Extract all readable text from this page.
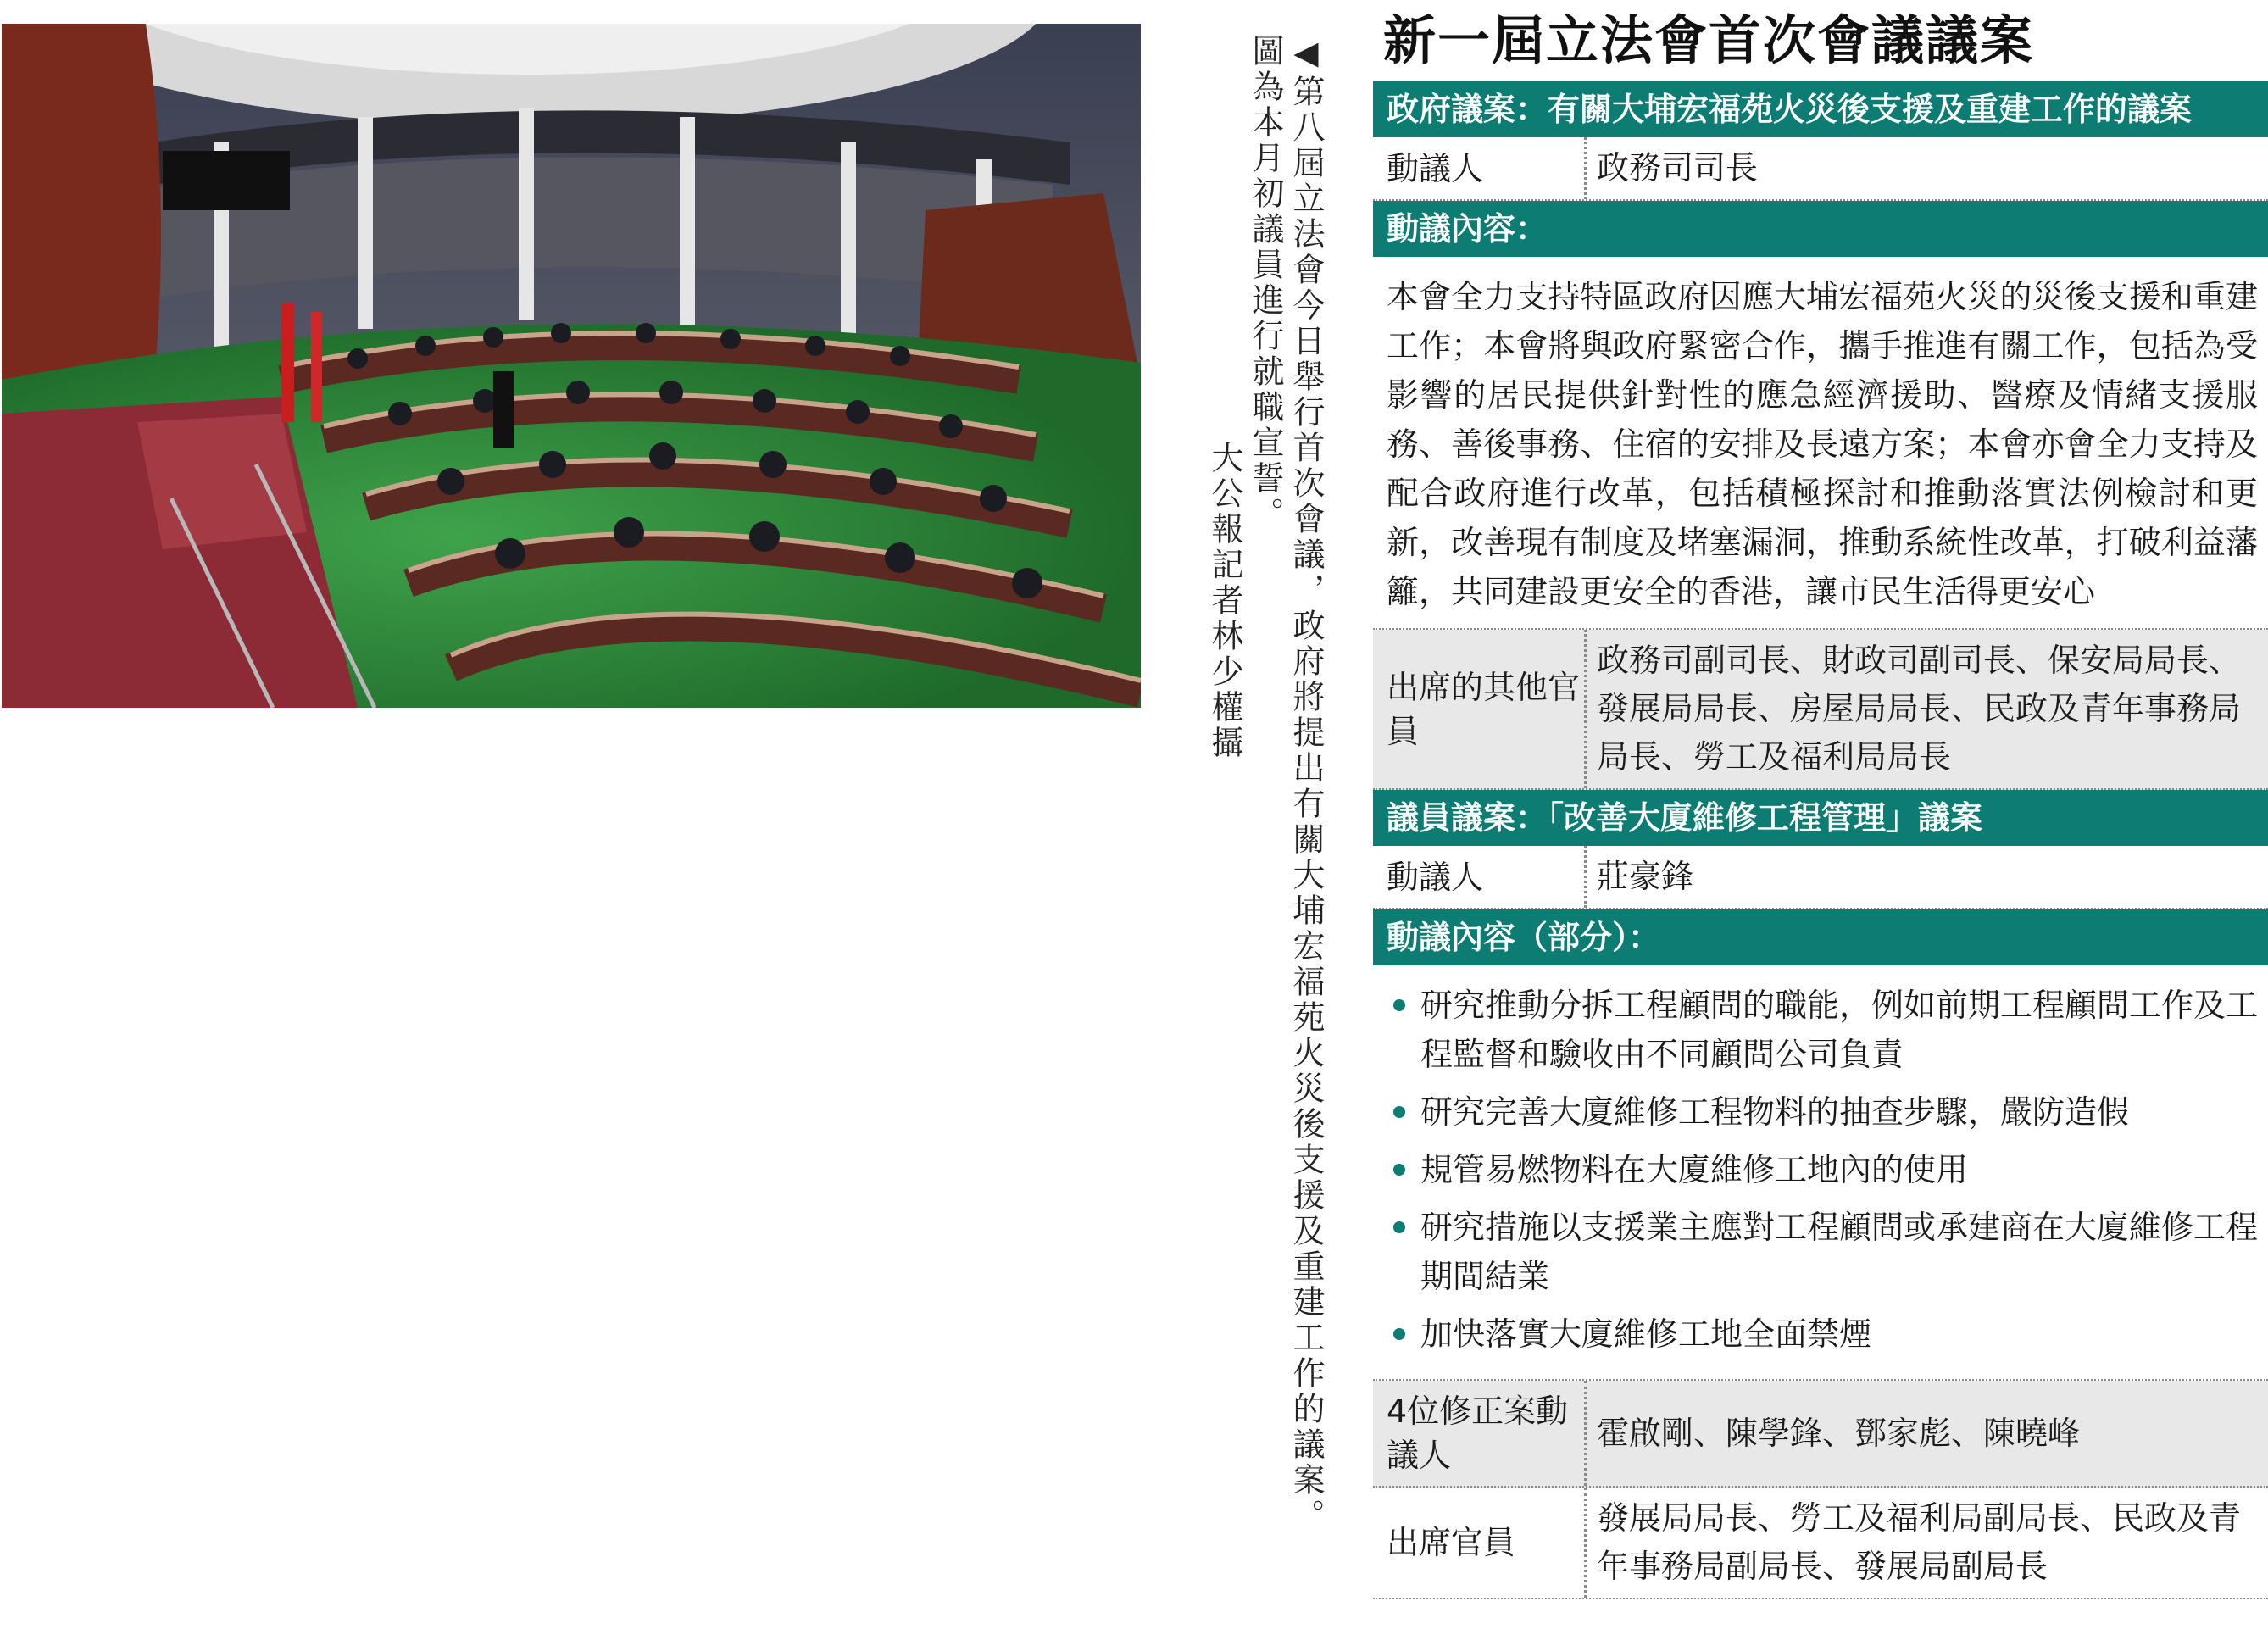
◀第八屆立法會今日舉行首次會議，政府將提出有關大埔宏福苑火災後支援及重建工作的議案。圖為本月初議員進行就職宣誓。
大公報記者林少權攝
新一屆立法會首次會議議案
政府議案：有關大埔宏福苑火災後支援及重建工作的議案
動議人	政務司司長
動議內容：
本會全力支持特區政府因應大埔宏福苑火災的災後支援和重建工作；本會將與政府緊密合作，攜手推進有關工作，包括為受影響的居民提供針對性的應急經濟援助、醫療及情緒支援服務、善後事務、住宿的安排及長遠方案；本會亦會全力支持及配合政府進行改革，包括積極探討和推動落實法例檢討和更新，改善現有制度及堵塞漏洞，推動系統性改革，打破利益藩籬，共同建設更安全的香港，讓市民生活得更安心
出席的其他官員
政務司副司長、財政司副司長、保安局局長、發展局局長、房屋局局長、民政及青年事務局局長、勞工及福利局局長
議員議案：「改善大廈維修工程管理」議案
動議人	莊豪鋒
動議內容（部分）：
研究推動分拆工程顧問的職能，例如前期工程顧問工作及工程監督和驗收由不同顧問公司負責
研究完善大廈維修工程物料的抽查步驟，嚴防造假
規管易燃物料在大廈維修工地內的使用
研究措施以支援業主應對工程顧問或承建商在大廈維修工程期間結業
加快落實大廈維修工地全面禁煙
4位修正案動議人
霍啟剛、陳學鋒、鄧家彪、陳曉峰
出席官員
發展局局長、勞工及福利局副局長、民政及青年事務局副局長、發展局副局長
